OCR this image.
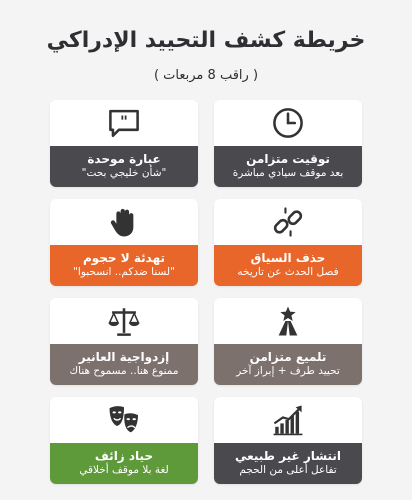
خريطة كشف التحييد الإدراكي

( راقب 8 مربعات )

توقيت متزامن
بعد موقف سيادي مباشرة
"
عبارة موحدة
"شأن خليجي بحت"
حذف السياق
فصل الحدث عن تاريخه
تهدئة لا حجوم
"لسنا ضدكم.. انسحبوا"
تلميع متزامن
تحييد طرف + إبراز آخر
إزدواجية العانير
ممنوع هنا.. مسموح هناك
انتشار غير طبيعي
تفاعل أعلى من الحجم
حياد زائف
لغة بلا موقف أخلاقي
